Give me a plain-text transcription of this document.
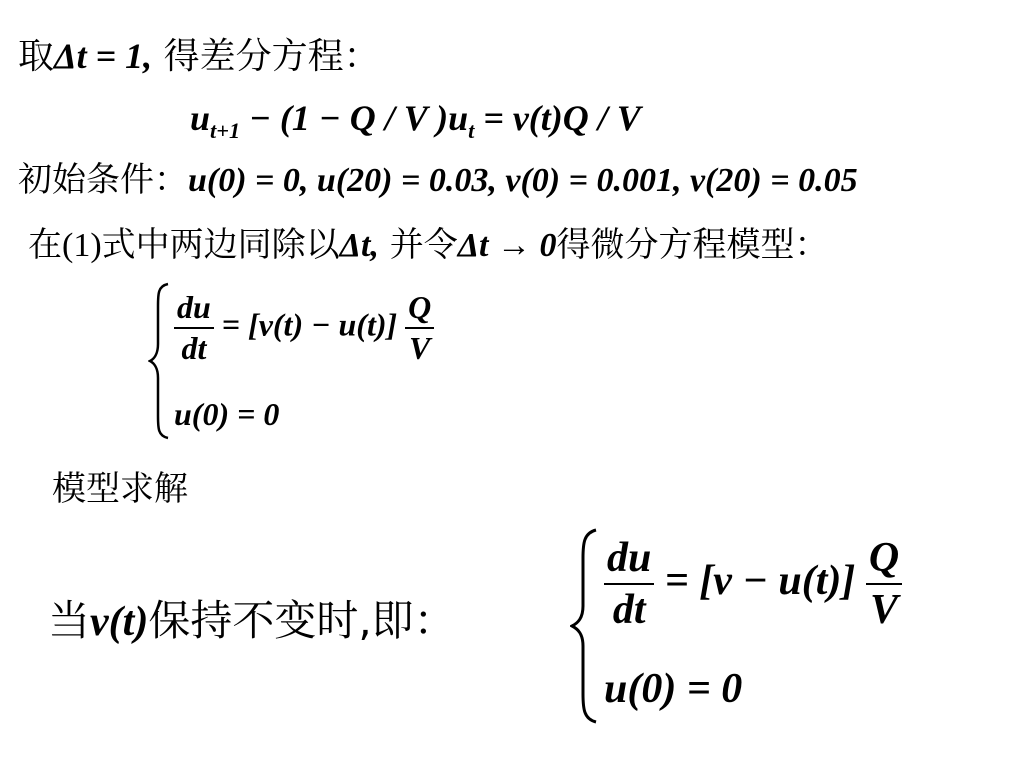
取Δt = 1, 得差分方程：
$u_{t+1} - (1 - Q / V$ )$u_t = v(t)Q / V$
初始条件：u(0) = 0, u(20) = 0.03, v(0) = 0.001, v(20) = 0.05
在(1)式中两边同除以Δt, 并令Δt → 0得微分方程模型：
$\frac{du}{dt} = [v(t) - u(t)] \frac{Q}{V}$
u(0) = 0
模型求解
当v(t)保持不变时,即：	$\frac{du}{dt} = [v - u(t)] \frac{Q}{V}$
u(0) = 0
